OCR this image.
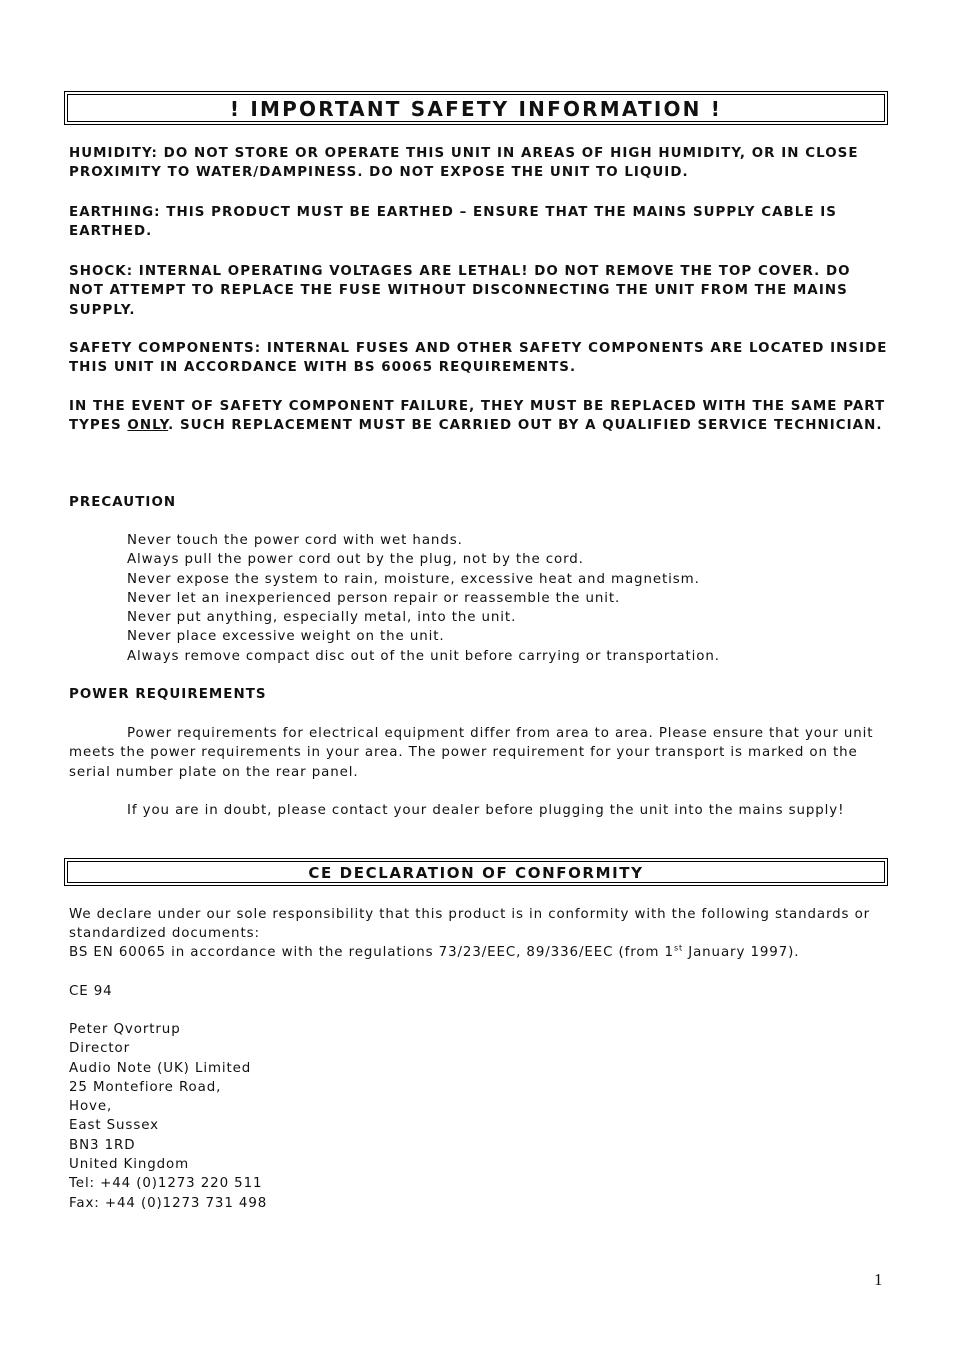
! IMPORTANT SAFETY INFORMATION !
HUMIDITY: DO NOT STORE OR OPERATE THIS UNIT IN AREAS OF HIGH HUMIDITY, OR IN CLOSE PROXIMITY TO WATER/DAMPINESS. DO NOT EXPOSE THE UNIT TO LIQUID.
EARTHING: THIS PRODUCT MUST BE EARTHED – ENSURE THAT THE MAINS SUPPLY CABLE IS EARTHED.
SHOCK: INTERNAL OPERATING VOLTAGES ARE LETHAL! DO NOT REMOVE THE TOP COVER. DO NOT ATTEMPT TO REPLACE THE FUSE WITHOUT DISCONNECTING THE UNIT FROM THE MAINS SUPPLY.
SAFETY COMPONENTS: INTERNAL FUSES AND OTHER SAFETY COMPONENTS ARE LOCATED INSIDE THIS UNIT IN ACCORDANCE WITH BS 60065 REQUIREMENTS.
IN THE EVENT OF SAFETY COMPONENT FAILURE, THEY MUST BE REPLACED WITH THE SAME PART TYPES ONLY. SUCH REPLACEMENT MUST BE CARRIED OUT BY A QUALIFIED SERVICE TECHNICIAN.
PRECAUTION
Never touch the power cord with wet hands.
Always pull the power cord out by the plug, not by the cord.
Never expose the system to rain, moisture, excessive heat and magnetism.
Never let an inexperienced person repair or reassemble the unit.
Never put anything, especially metal, into the unit.
Never place excessive weight on the unit.
Always remove compact disc out of the unit before carrying or transportation.
POWER REQUIREMENTS
Power requirements for electrical equipment differ from area to area. Please ensure that your unit meets the power requirements in your area. The power requirement for your transport is marked on the serial number plate on the rear panel.
If you are in doubt, please contact your dealer before plugging the unit into the mains supply!
CE DECLARATION OF CONFORMITY
We declare under our sole responsibility that this product is in conformity with the following standards or standardized documents:
BS EN 60065 in accordance with the regulations 73/23/EEC, 89/336/EEC (from 1st January 1997).
CE 94
Peter Qvortrup
Director
Audio Note (UK) Limited
25 Montefiore Road,
Hove,
East Sussex
BN3 1RD
United Kingdom
Tel: +44 (0)1273 220 511
Fax: +44 (0)1273 731 498
1
